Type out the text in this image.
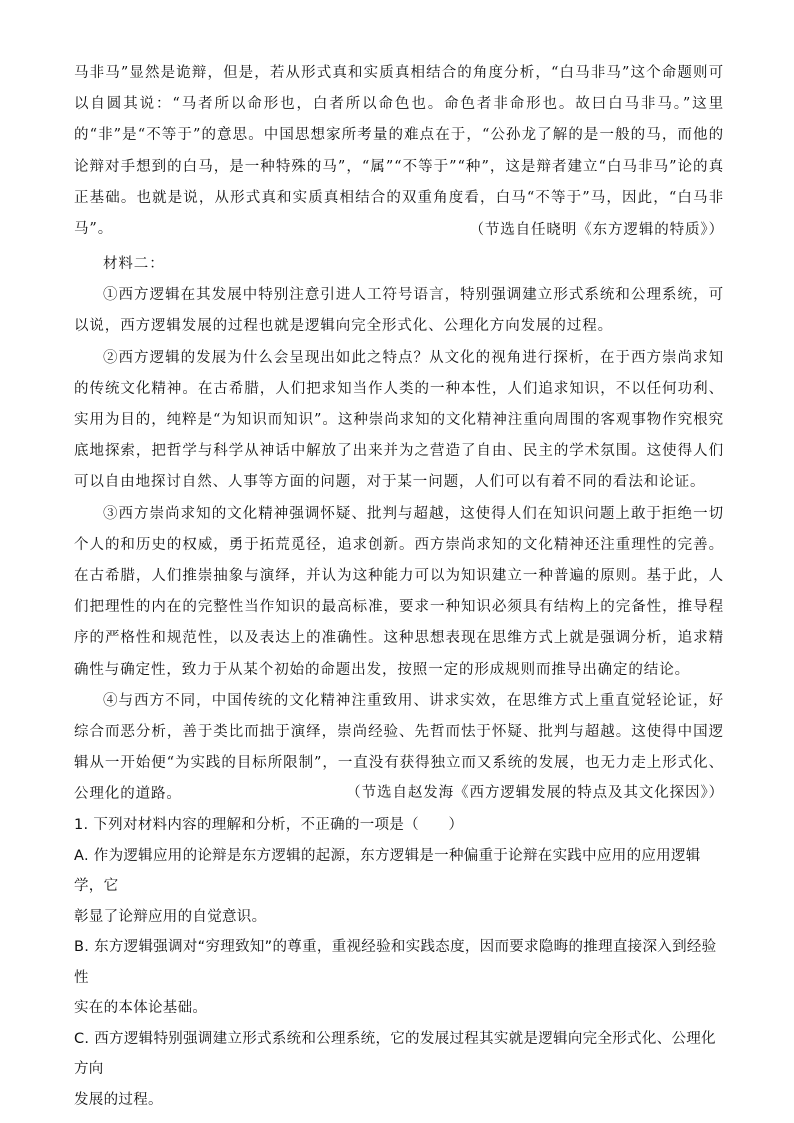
马非马”显然是诡辩，但是，若从形式真和实质真相结合的角度分析，“白马非马”这个命题则可以自圆其说：“马者所以命形也，白者所以命色也。命色者非命形也。故曰白马非马。”这里的“非”是“不等于”的意思。中国思想家所考量的难点在于，“公孙龙了解的是一般的马，而他的论辩对手想到的白马，是一种特殊的马”，“属”“不等于”“种”，这是辩者建立“白马非马”论的真正基础。也就是说，从形式真和实质真相结合的双重角度看，白马“不等于”马，因此，“白马非马”。	（节选自任晓明《东方逻辑的特质》）

材料二：

①西方逻辑在其发展中特别注意引进人工符号语言，特别强调建立形式系统和公理系统，可以说，西方逻辑发展的过程也就是逻辑向完全形式化、公理化方向发展的过程。

②西方逻辑的发展为什么会呈现出如此之特点？从文化的视角进行探析，在于西方崇尚求知的传统文化精神。在古希腊，人们把求知当作人类的一种本性，人们追求知识，不以任何功利、实用为目的，纯粹是“为知识而知识”。这种崇尚求知的文化精神注重向周围的客观事物作究根究底地探索，把哲学与科学从神话中解放了出来并为之营造了自由、民主的学术氛围。这使得人们可以自由地探讨自然、人事等方面的问题，对于某一问题，人们可以有着不同的看法和论证。

③西方崇尚求知的文化精神强调怀疑、批判与超越，这使得人们在知识问题上敢于拒绝一切个人的和历史的权威，勇于拓荒觅径，追求创新。西方崇尚求知的文化精神还注重理性的完善。在古希腊，人们推崇抽象与演绎，并认为这种能力可以为知识建立一种普遍的原则。基于此，人们把理性的内在的完整性当作知识的最高标准，要求一种知识必须具有结构上的完备性，推导程序的严格性和规范性，以及表达上的准确性。这种思想表现在思维方式上就是强调分析，追求精确性与确定性，致力于从某个初始的命题出发，按照一定的形成规则而推导出确定的结论。

④与西方不同，中国传统的文化精神注重致用、讲求实效，在思维方式上重直觉轻论证，好综合而恶分析，善于类比而拙于演绎，崇尚经验、先哲而怯于怀疑、批判与超越。这使得中国逻辑从一开始便“为实践的目标所限制”，一直没有获得独立而又系统的发展，也无力走上形式化、公理化的道路。	（节选自赵发海《西方逻辑发展的特点及其文化探因》）

1. 下列对材料内容的理解和分析，不正确的一项是（　　）

A. 作为逻辑应用的论辩是东方逻辑的起源，东方逻辑是一种偏重于论辩在实践中应用的应用逻辑学，它

彰显了论辩应用的自觉意识。

B. 东方逻辑强调对“穷理致知”的尊重，重视经验和实践态度，因而要求隐晦的推理直接深入到经验性

实在的本体论基础。

C. 西方逻辑特别强调建立形式系统和公理系统，它的发展过程其实就是逻辑向完全形式化、公理化方向

发展的过程。
